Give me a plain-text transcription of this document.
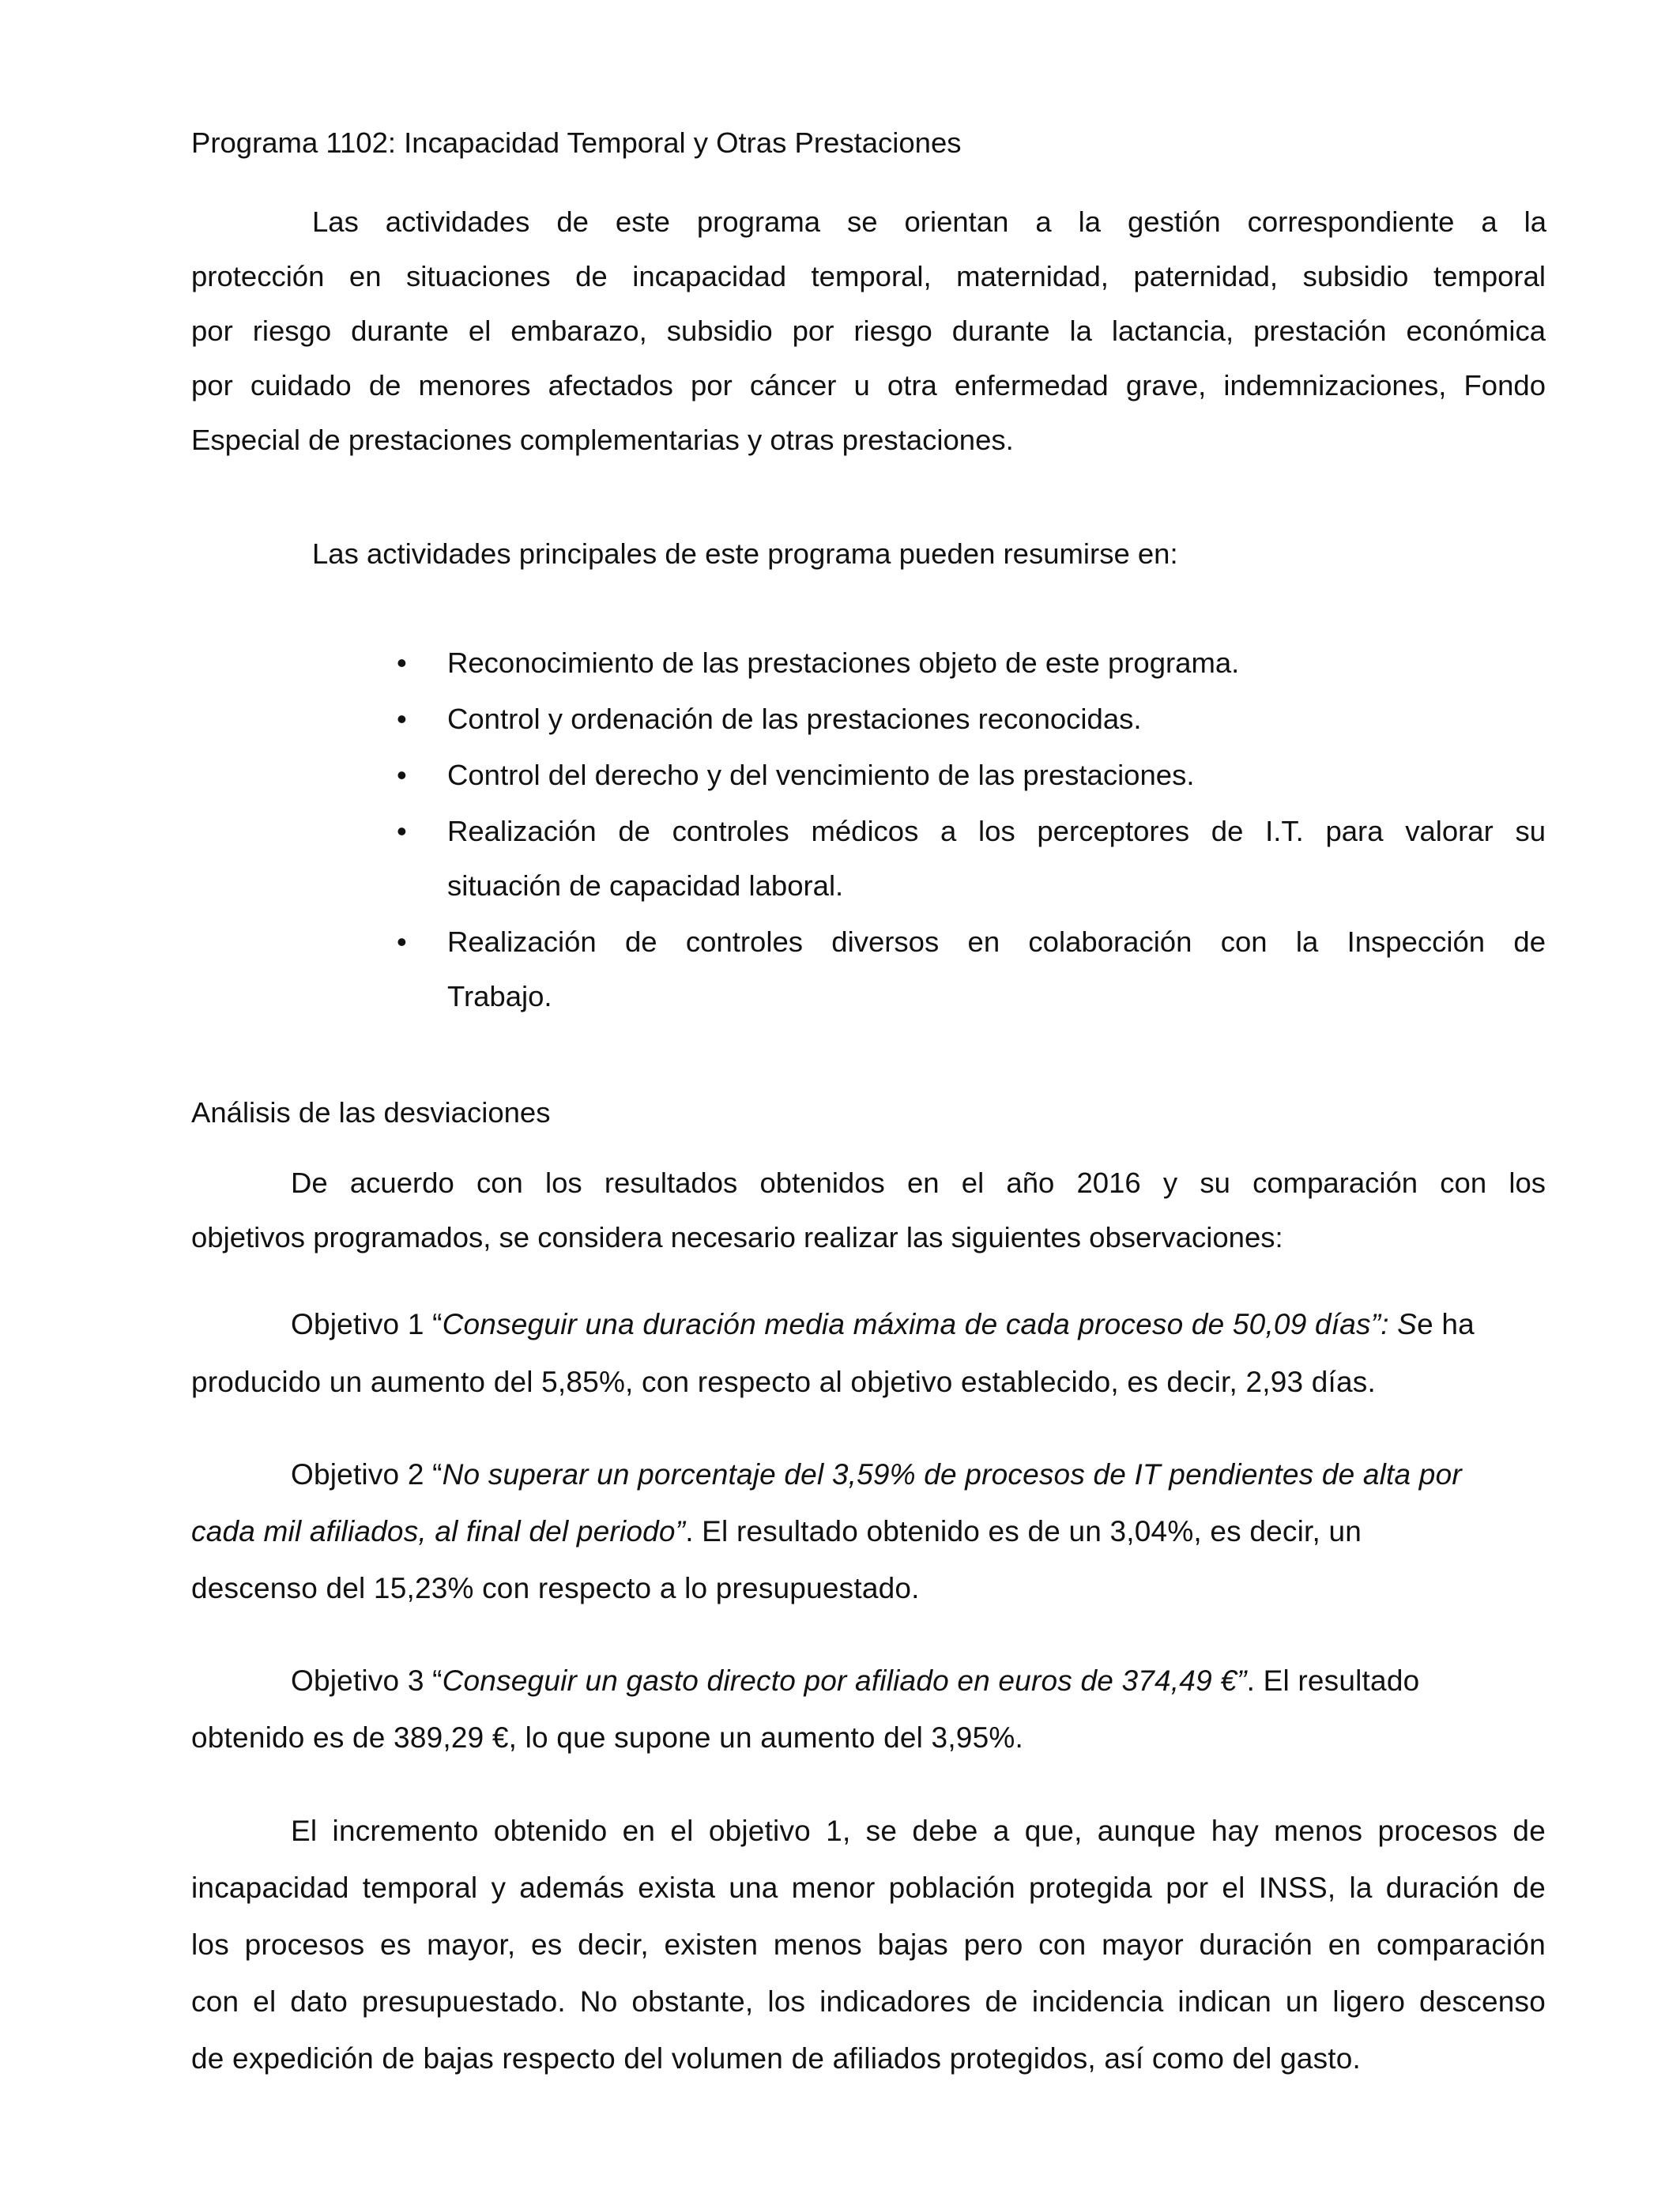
Programa 1102: Incapacidad Temporal y Otras Prestaciones
Las actividades de este programa se orientan a la gestión correspondiente a la
protección en situaciones de incapacidad temporal, maternidad, paternidad, subsidio temporal
por riesgo durante el embarazo, subsidio por riesgo durante la lactancia, prestación económica
por cuidado de menores afectados por cáncer u otra enfermedad grave, indemnizaciones, Fondo
Especial de prestaciones complementarias y otras prestaciones.
Las actividades principales de este programa pueden resumirse en:
• Reconocimiento de las prestaciones objeto de este programa.
• Control y ordenación de las prestaciones reconocidas.
• Control del derecho y del vencimiento de las prestaciones.
• Realización de controles médicos a los perceptores de I.T. para valorar su
situación de capacidad laboral.
• Realización de controles diversos en colaboración con la Inspección de
Trabajo.
Análisis de las desviaciones
De acuerdo con los resultados obtenidos en el año 2016 y su comparación con los
objetivos programados, se considera necesario realizar las siguientes observaciones:
Objetivo 1 “Conseguir una duración media máxima de cada proceso de 50,09 días”: Se ha
producido un aumento del 5,85%, con respecto al objetivo establecido, es decir, 2,93 días.
Objetivo 2 “No superar un porcentaje del 3,59% de procesos de IT pendientes de alta por
cada mil afiliados, al final del periodo”. El resultado obtenido es de un 3,04%, es decir, un
descenso del 15,23% con respecto a lo presupuestado.
Objetivo 3 “Conseguir un gasto directo por afiliado en euros de 374,49 €”. El resultado
obtenido es de 389,29 €, lo que supone un aumento del 3,95%.
El incremento obtenido en el objetivo 1, se debe a que, aunque hay menos procesos de
incapacidad temporal y además exista una menor población protegida por el INSS, la duración de
los procesos es mayor, es decir, existen menos bajas pero con mayor duración en comparación
con el dato presupuestado. No obstante, los indicadores de incidencia indican un ligero descenso
de expedición de bajas respecto del volumen de afiliados protegidos, así como del gasto.
